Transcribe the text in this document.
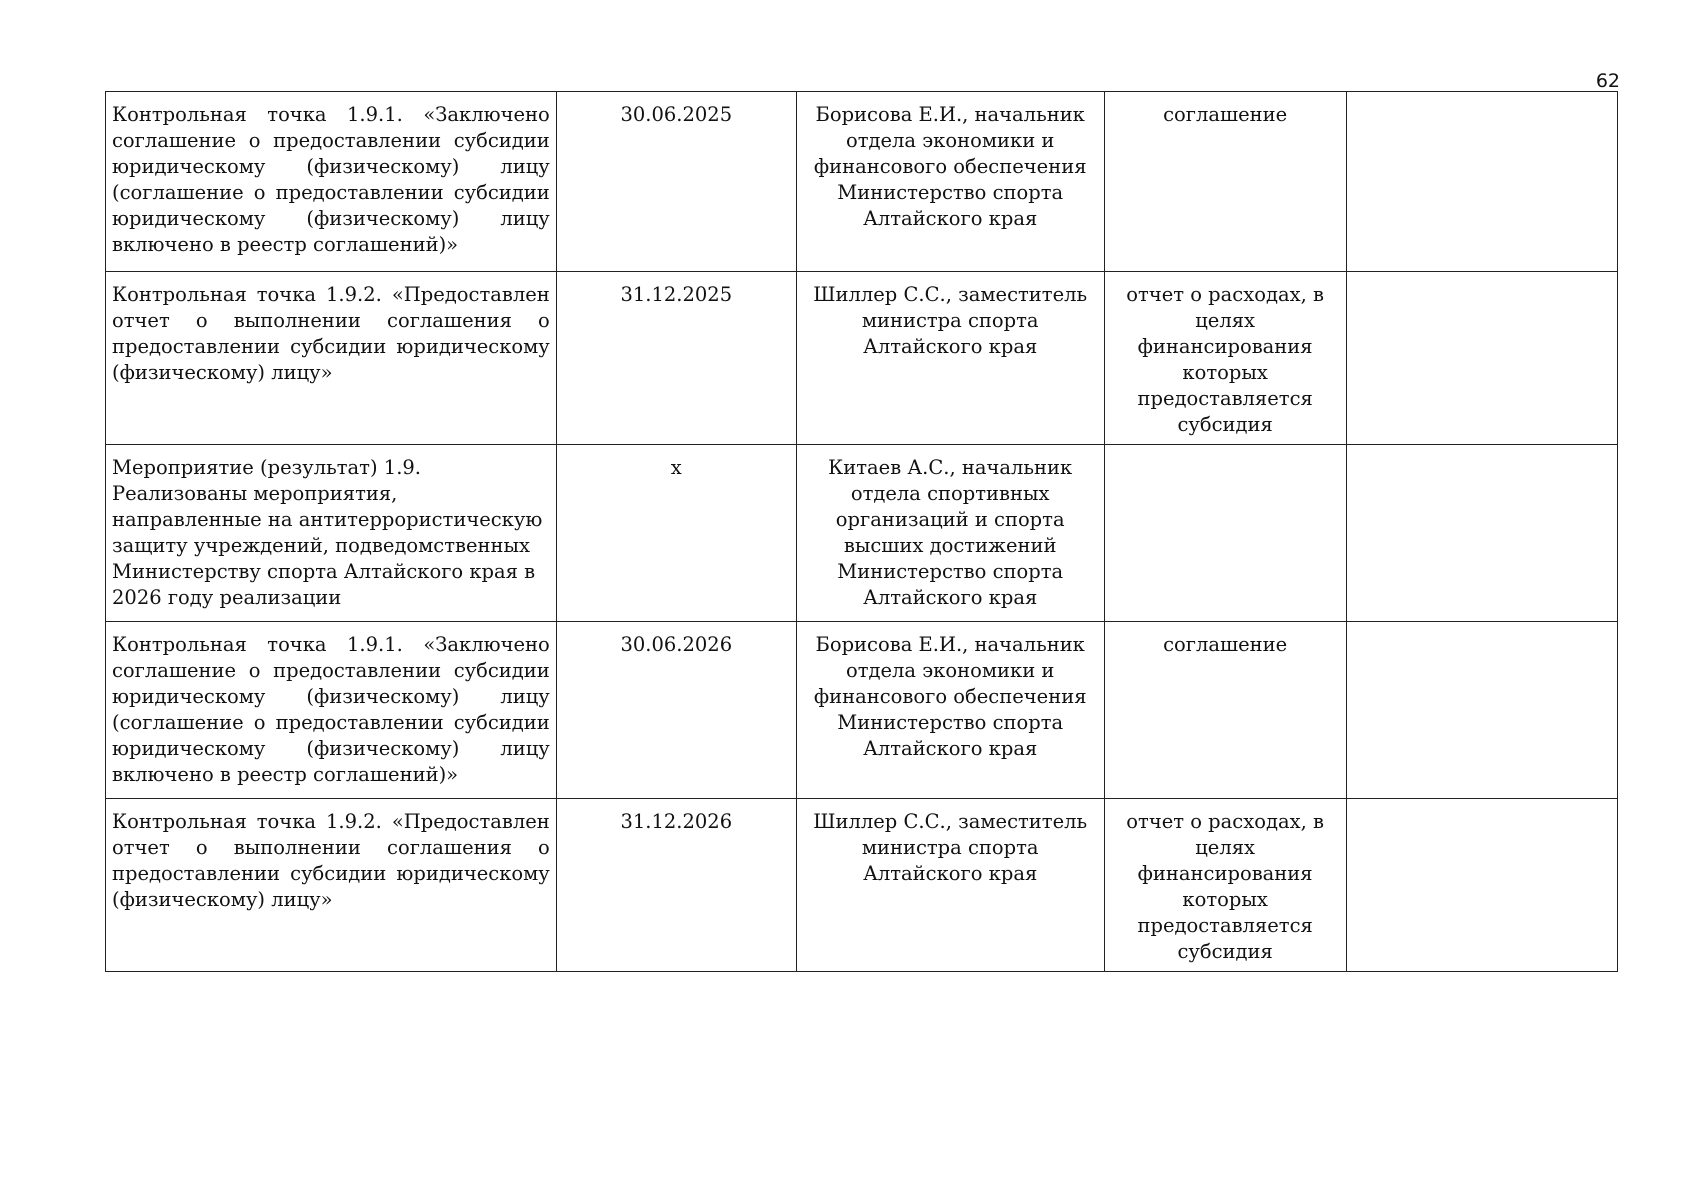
62
Контрольная точка 1.9.1. «Заключено соглашение о предоставлении субсидии юридическому (физическому) лицу (соглашение о предоставлении субсидии юридическому (физическому) лицу включено в реестр соглашений)»	30.06.2025	Борисова Е.И., начальник отдела экономики и финансового обеспечения Министерство спорта Алтайского края	соглашение	
Контрольная точка 1.9.2. «Предоставлен отчет о выполнении соглашения о предоставлении субсидии юридическому (физическому) лицу»	31.12.2025	Шиллер С.С., заместитель министра спорта Алтайского края	отчет о расходах, в целях финансирования которых предоставляется субсидия	
Мероприятие (результат) 1.9. Реализованы мероприятия, направленные на антитеррористическую защиту учреждений, подведомственных Министерству спорта Алтайского края в 2026 году реализации	х	Китаев А.С., начальник отдела спортивных организаций и спорта высших достижений Министерство спорта Алтайского края		
Контрольная точка 1.9.1. «Заключено соглашение о предоставлении субсидии юридическому (физическому) лицу (соглашение о предоставлении субсидии юридическому (физическому) лицу включено в реестр соглашений)»	30.06.2026	Борисова Е.И., начальник отдела экономики и финансового обеспечения Министерство спорта Алтайского края	соглашение	
Контрольная точка 1.9.2. «Предоставлен отчет о выполнении соглашения о предоставлении субсидии юридическому (физическому) лицу»	31.12.2026	Шиллер С.С., заместитель министра спорта Алтайского края	отчет о расходах, в целях финансирования которых предоставляется субсидия	
